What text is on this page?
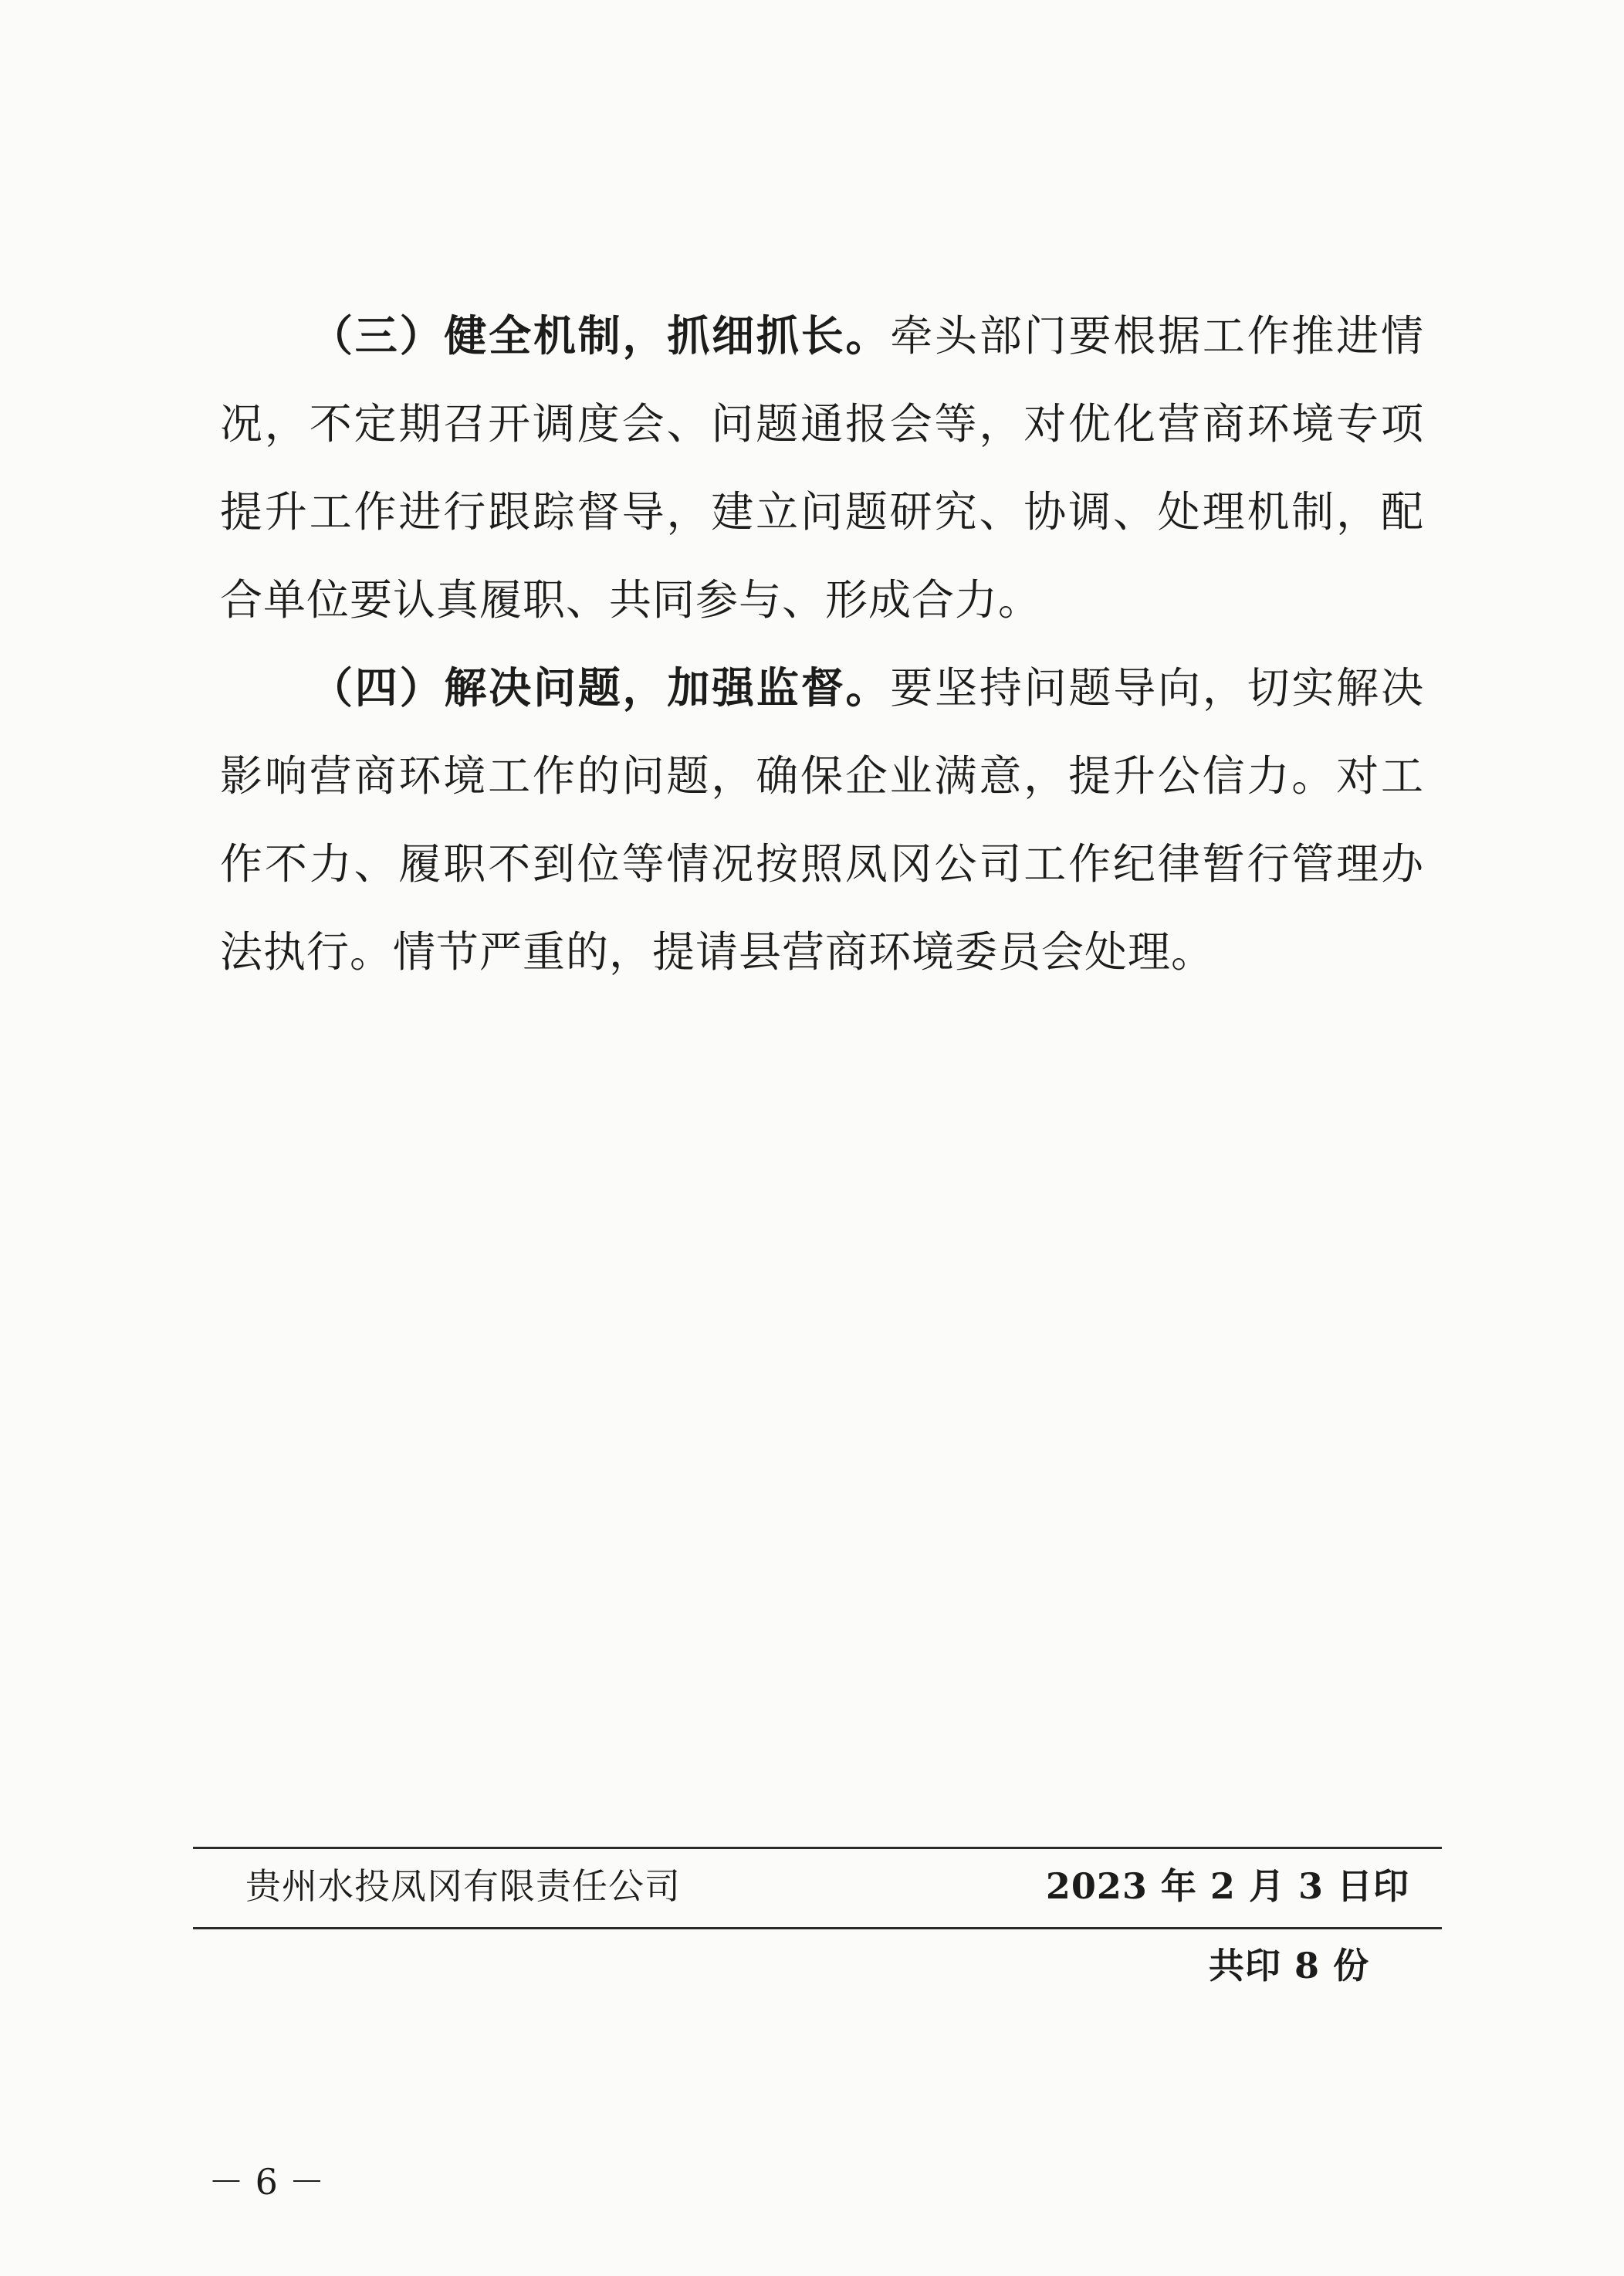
（三）健全机制，抓细抓长。牵头部门要根据工作推进情况，不定期召开调度会、问题通报会等，对优化营商环境专项提升工作进行跟踪督导，建立问题研究、协调、处理机制，配合单位要认真履职、共同参与、形成合力。

（四）解决问题，加强监督。要坚持问题导向，切实解决影响营商环境工作的问题，确保企业满意，提升公信力。对工作不力、履职不到位等情况按照凤冈公司工作纪律暂行管理办法执行。情节严重的，提请县营商环境委员会处理。

贵州水投凤冈有限责任公司	2023 年 2 月 3 日印
共印 8 份
－ 6 －
